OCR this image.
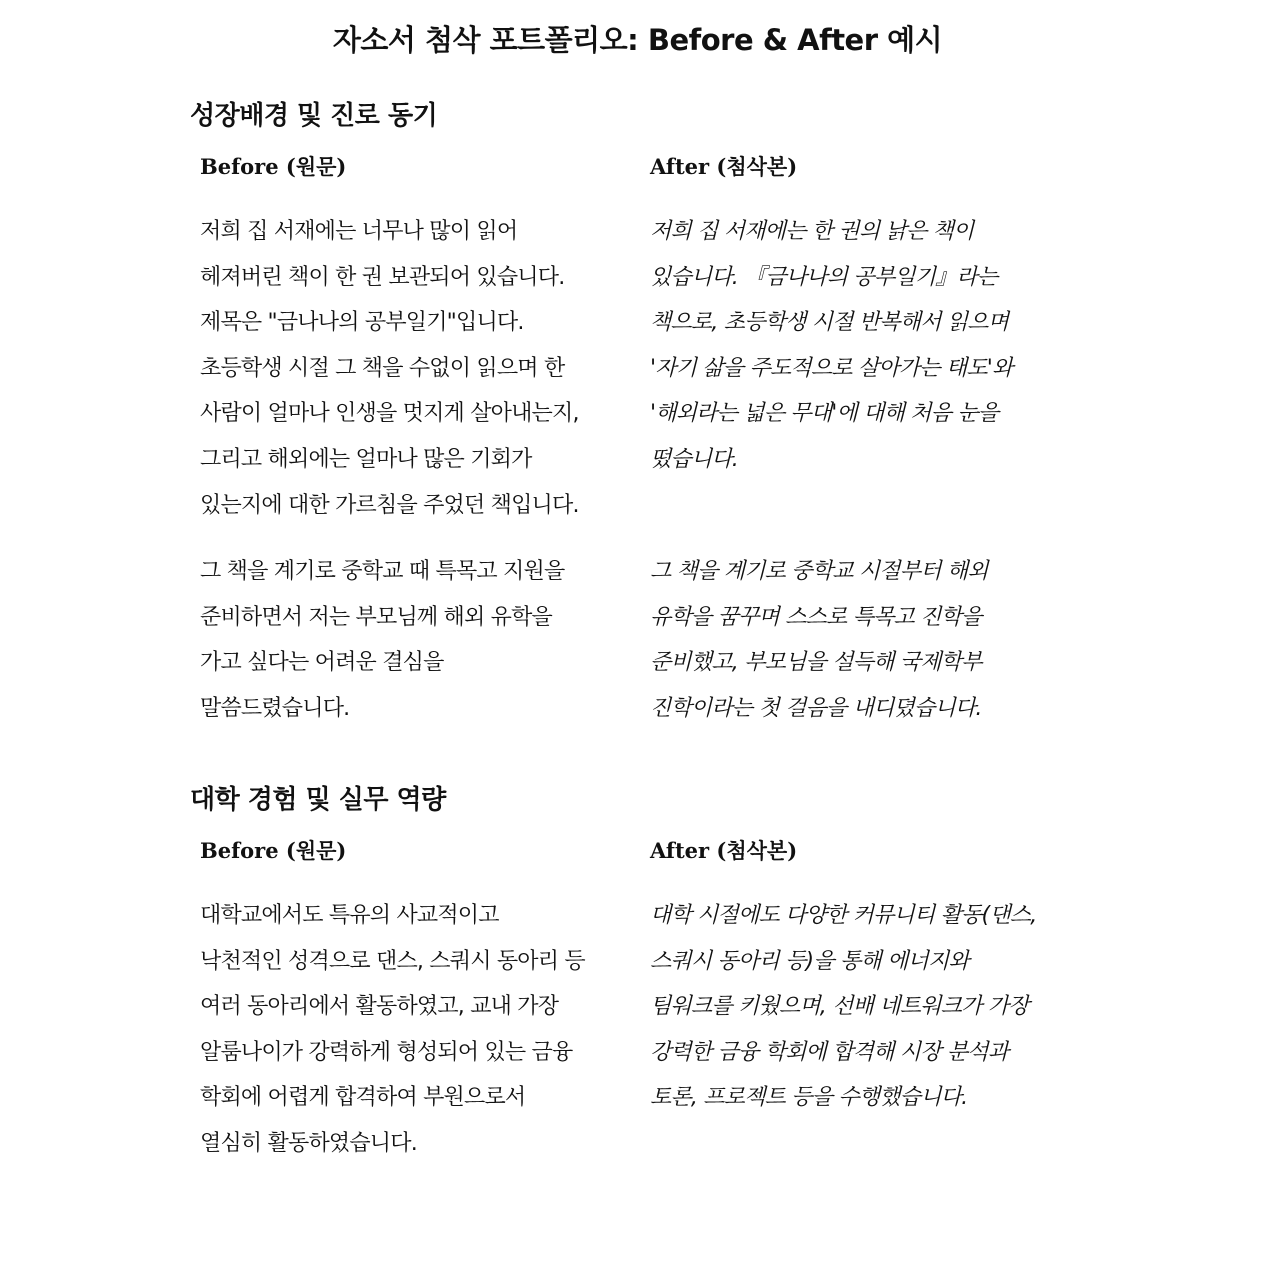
자소서 첨삭 포트폴리오: Before & After 예시
성장배경 및 진로 동기

Before (원문)	After (첨삭본)

저희 집 서재에는 너무나 많이 읽어
헤져버린 책이 한 권 보관되어 있습니다.
제목은 "금나나의 공부일기"입니다.
초등학생 시절 그 책을 수없이 읽으며 한
사람이 얼마나 인생을 멋지게 살아내는지,
그리고 해외에는 얼마나 많은 기회가
있는지에 대한 가르침을 주었던 책입니다.
저희 집 서재에는 한 권의 낡은 책이
있습니다. 『금나나의 공부일기』라는
책으로, 초등학생 시절 반복해서 읽으며
'자기 삶을 주도적으로 살아가는 태도'와
'해외라는 넓은 무대'에 대해 처음 눈을
떴습니다.
그 책을 계기로 중학교 때 특목고 지원을
준비하면서 저는 부모님께 해외 유학을
가고 싶다는 어려운 결심을
말씀드렸습니다.
그 책을 계기로 중학교 시절부터 해외
유학을 꿈꾸며 스스로 특목고 진학을
준비했고, 부모님을 설득해 국제학부
진학이라는 첫 걸음을 내디뎠습니다.
대학 경험 및 실무 역량

Before (원문)	After (첨삭본)

대학교에서도 특유의 사교적이고
낙천적인 성격으로 댄스, 스쿼시 동아리 등
여러 동아리에서 활동하였고, 교내 가장
알룸나이가 강력하게 형성되어 있는 금융
학회에 어렵게 합격하여 부원으로서
열심히 활동하였습니다.
대학 시절에도 다양한 커뮤니티 활동(댄스,
스쿼시 동아리 등)을 통해 에너지와
팀워크를 키웠으며, 선배 네트워크가 가장
강력한 금융 학회에 합격해 시장 분석과
토론, 프로젝트 등을 수행했습니다.
